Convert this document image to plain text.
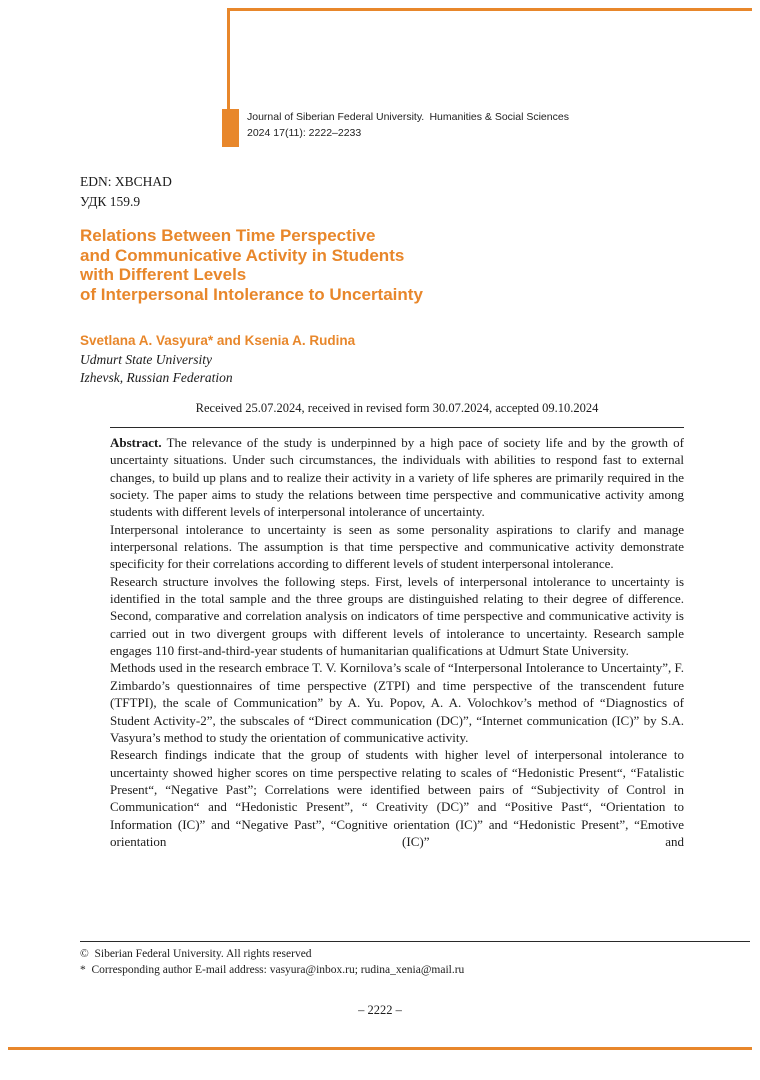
Journal of Siberian Federal University. Humanities & Social Sciences
2024 17(11): 2222–2233
EDN: XBCHAD
УДК 159.9
Relations Between Time Perspective
and Communicative Activity in Students
with Different Levels
of Interpersonal Intolerance to Uncertainty
Svetlana A. Vasyura* and Ksenia A. Rudina
Udmurt State University
Izhevsk, Russian Federation
Received 25.07.2024, received in revised form 30.07.2024, accepted 09.10.2024

Abstract. The relevance of the study is underpinned by a high pace of society life and by the growth of uncertainty situations. Under such circumstances, the individuals with abilities to respond fast to external changes, to build up plans and to realize their activity in a variety of life spheres are primarily required in the society. The paper aims to study the relations between time perspective and communicative activity among students with different levels of interpersonal intolerance of uncertainty.

Interpersonal intolerance to uncertainty is seen as some personality aspirations to clarify and manage interpersonal relations. The assumption is that time perspective and communicative activity demonstrate specificity for their correlations according to different levels of student interpersonal intolerance.

Research structure involves the following steps. First, levels of interpersonal intolerance to uncertainty is identified in the total sample and the three groups are distinguished relating to their degree of difference. Second, comparative and correlation analysis on indicators of time perspective and communicative activity is carried out in two divergent groups with different levels of intolerance to uncertainty. Research sample engages 110 first-and-third-year students of humanitarian qualifications at Udmurt State University.

Methods used in the research embrace T. V. Kornilova’s scale of “Interpersonal Intolerance to Uncertainty”, F. Zimbardo’s questionnaires of time perspective (ZTPI) and time perspective of the transcendent future (TFTPI), the scale of Communication” by A. Yu. Popov, A. A. Volochkov’s method of “Diagnostics of Student Activity-2”, the subscales of “Direct communication (DC)”, “Internet communication (IC)” by S.A. Vasyura’s method to study the orientation of communicative activity.

Research findings indicate that the group of students with higher level of interpersonal intolerance to uncertainty showed higher scores on time perspective relating to scales of “Hedonistic Present“, “Fatalistic Present“, “Negative Past”; Correlations were identified between pairs of “Subjectivity of Control in Communication“ and “Hedonistic Present”, “ Creativity (DC)” and “Positive Past“, “Orientation to Information (IC)” and “Negative Past”, “Cognitive orientation (IC)” and “Hedonistic Present”, “Emotive orientation (IC)” and

© Siberian Federal University. All rights reserved
* Corresponding author E-mail address: vasyura@inbox.ru; rudina_xenia@mail.ru
– 2222 –
